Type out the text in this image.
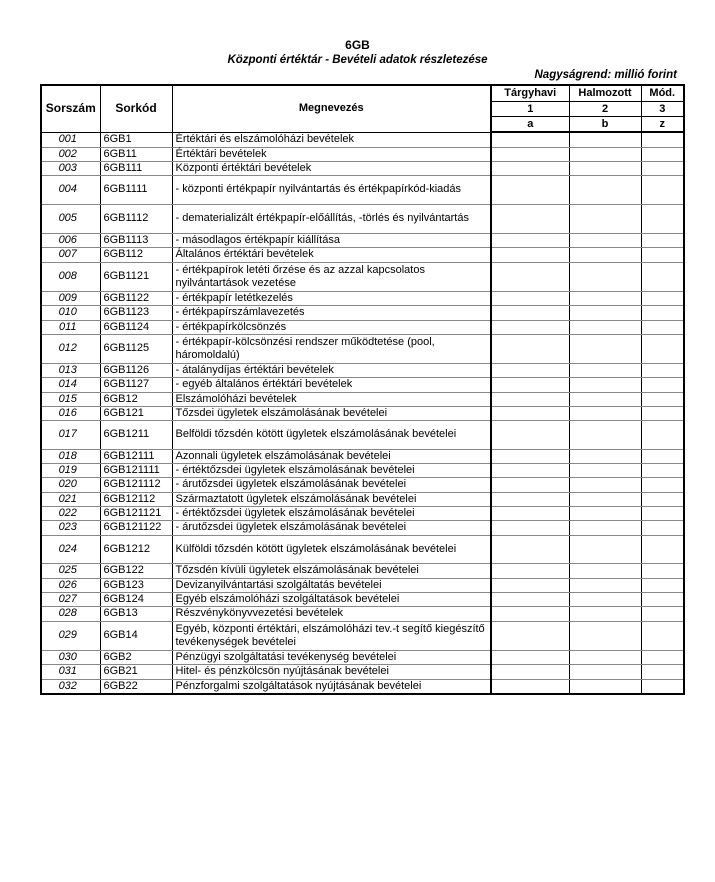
6GB
Központi értéktár - Bevételi adatok részletezése
Nagyságrend: millió forint
Sorszám	Sorkód	Megnevezés	Tárgyhavi	Halmozott	Mód.
			1	2	3
			a	b	z
001	6GB1	Értéktári és elszámolóházi bevételek			
002	6GB11	Értéktári bevételek			
003	6GB111	Központi értéktári bevételek			
004	6GB1111	- központi értékpapír nyilvántartás és értékpapírkód-kiadás			
005	6GB1112	- dematerializált értékpapír-előállítás, -törlés és nyilvántartás			
006	6GB1113	- másodlagos értékpapír kiállítása			
007	6GB112	Általános értéktári bevételek			
008	6GB1121	- értékpapírok letéti őrzése és az azzal kapcsolatos nyilvántartások vezetése			
009	6GB1122	- értékpapír letétkezelés			
010	6GB1123	- értékpapírszámlavezetés			
011	6GB1124	- értékpapírkölcsönzés			
012	6GB1125	- értékpapír-kölcsönzési rendszer működtetése (pool, háromoldalú)			
013	6GB1126	- átalánydíjas értéktári bevételek			
014	6GB1127	- egyéb általános értéktári bevételek			
015	6GB12	Elszámolóházi bevételek			
016	6GB121	Tőzsdei ügyletek elszámolásának bevételei			
017	6GB1211	Belföldi tőzsdén kötött ügyletek elszámolásának bevételei			
018	6GB12111	Azonnali ügyletek elszámolásának bevételei			
019	6GB121111	- értéktőzsdei ügyletek elszámolásának bevételei			
020	6GB121112	- árutőzsdei ügyletek elszámolásának bevételei			
021	6GB12112	Származtatott ügyletek elszámolásának bevételei			
022	6GB121121	- értéktőzsdei ügyletek elszámolásának bevételei			
023	6GB121122	- árutőzsdei ügyletek elszámolásának bevételei			
024	6GB1212	Külföldi tőzsdén kötött ügyletek elszámolásának bevételei			
025	6GB122	Tőzsdén kívüli ügyletek elszámolásának bevételei			
026	6GB123	Devizanyilvántartási szolgáltatás bevételei			
027	6GB124	Egyéb elszámolóházi szolgáltatások bevételei			
028	6GB13	Részvénykönyvvezetési bevételek			
029	6GB14	Egyéb, központi értéktári, elszámolóházi tev.-t segítő kiegészítő tevékenységek bevételei			
030	6GB2	Pénzügyi szolgáltatási tevékenység bevételei			
031	6GB21	Hitel- és pénzkölcsön nyújtásának bevételei			
032	6GB22	Pénzforgalmi szolgáltatások nyújtásának bevételei			
